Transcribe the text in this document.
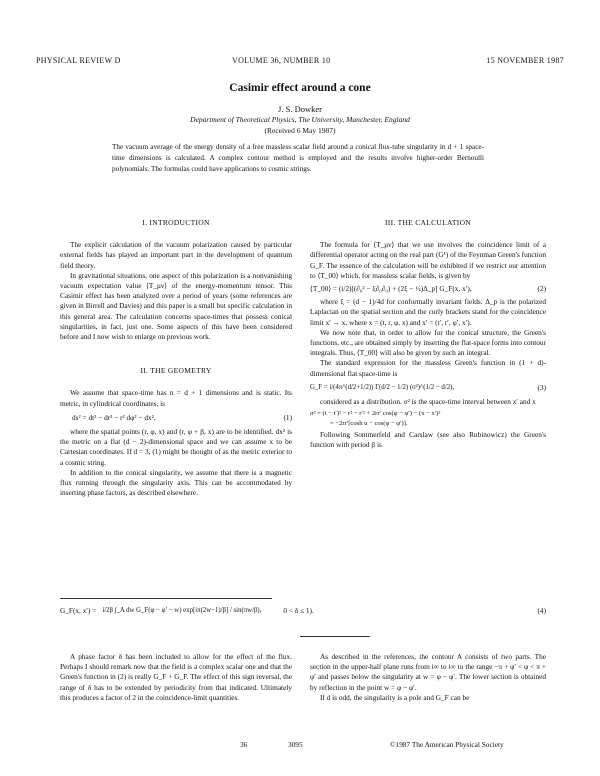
PHYSICAL REVIEW D	VOLUME 36, NUMBER 10	15 NOVEMBER 1987
Casimir effect around a cone
J. S. Dowker
Department of Theoretical Physics, The University, Manchester, England
(Received 6 May 1987)
The vacuum average of the energy density of a free massless scalar field around a conical flux-tube singularity in d + 1 space-time dimensions is calculated. A complex contour method is employed and the results involve higher-order Bernoulli polynomials. The formulas could have applications to cosmic strings.
I. INTRODUCTION

The explicit calculation of the vacuum polarization caused by particular external fields has played an important part in the development of quantum field theory.

In gravitational situations, one aspect of this polarization is a nonvanishing vacuum expectation value ⟨T_μν⟩ of the energy-momentum tensor. This Casimir effect has been analyzed over a period of years (some references are given in Birrell and Davies) and this paper is a small but specific calculation in this general area. The calculation concerns space-times that possess conical singularities, in fact, just one. Some aspects of this have been considered before and I now wish to enlarge on previous work.

II. THE GEOMETRY

We assume that space-time has n = d + 1 dimensions and is static. Its metric, in cylindrical coordinates, is

ds² = dt² − dr² − r² dφ² − dx²,	(1)

where the spatial points (r, φ, x) and (r, φ + β, x) are to be identified. dx² is the metric on a flat (d − 2)-dimensional space and we can assume x to be Cartesian coordinates. If d = 3, (1) might be thought of as the metric exterior to a cosmic string.

In addition to the conical singularity, we assume that there is a magnetic flux running through the singularity axis. This can be accommodated by inserting phase factors, as described elsewhere.

III. THE CALCULATION

The formula for ⟨T_μν⟩ that we use involves the coincidence limit of a differential operator acting on the real part (G¹) of the Feynman Green's function G_F. The essence of the calculation will be exhibited if we restrict our attention to ⟨T_00⟩ which, for massless scalar fields, is given by

⟨T_00⟩ = (i/2)[(∂₀² − ξ∂₀∂₀) + (2ξ − ½)Δ_p] G_F(x, x′),	(2)

where ξ = (d − 1)/4d for conformally invariant fields. Δ_p is the polarized Laplacian on the spatial section and the curly brackets stand for the coincidence limit x′ → x, where x = (t, r, φ, x) and x′ = (t′, r′, φ′, x′).

We now note that, in order to allow for the conical structure, the Green's functions, etc., are obtained simply by inserting the flat-space forms into contour integrals. Thus, ⟨T_00⟩ will also be given by such an integral.

The standard expression for the massless Green's function in (1 + d)-dimensional flat space-time is

G_F = i/(4π^(d/2+1/2)) Γ(d/2 − 1/2) (σ²)^(1/2 − d/2),	(3)

considered as a distribution. σ² is the space-time interval between x′ and x

σ² = (t − t′)² − r² − r′² + 2rr′ cos(φ − φ′) − (x − x′)²
= −2rr′[cosh u − cos(φ − φ′)].

Following Sommerfeld and Carslaw (see also Rubinowicz) the Green's function with period β is

G_F(x, x′) = i/2β ∫_A dw G_F(φ − φ′ − w) exp[iπ(2w−1)/β] / sin(πw/β),	0 < δ ≤ 1).	(4)

A phase factor δ has been included to allow for the effect of the flux. Perhaps I should remark now that the field is a complex scalar one and that the Green's function in (2) is really G_F + G_F. The effect of this sign reversal, the range of δ has to be extended by periodicity from that indicated. Ultimately this produces a factor of 2 in the coincidence-limit quantities.

As described in the references, the contour A consists of two parts. The section in the upper-half plane runs from i∞ to i∞ to the range −π + φ′ < φ < π + φ′ and passes below the singularity at w = φ − φ′. The lower section is obtained by reflection in the point w = φ − φ′.

If d is odd, the singularity is a pole and G_F can be

36	3095	©1987 The American Physical Society
